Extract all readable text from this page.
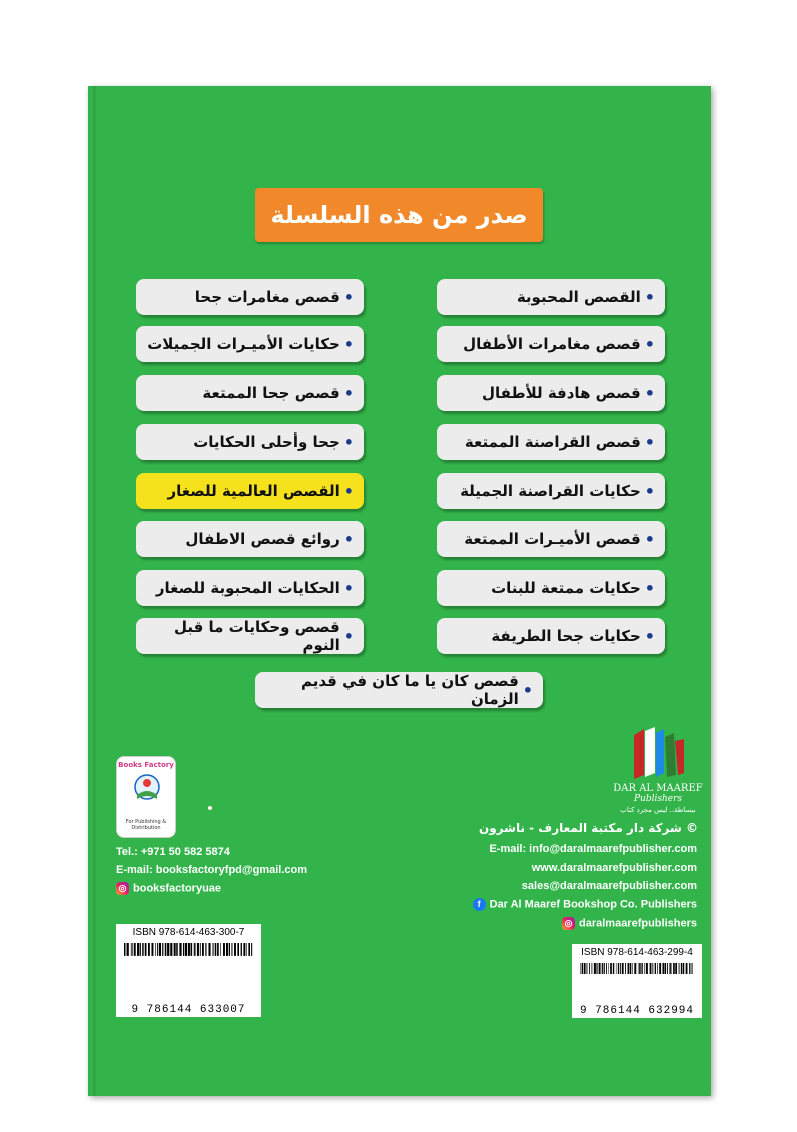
صدر من هذه السلسلة
•
القصص المحبوبة
•
قصص مغامرات الأطفال
•
قصص هادفة للأطفال
•
قصص القراصنة الممتعة
•
حكايات القراصنة الجميلة
•
قصص الأميـرات الممتعة
•
حكايات ممتعة للبنات
•
حكايات جحا الطريفة
•
قصص مغامرات جحا
•
حكايات الأميـرات الجميلات
•
قصص جحا الممتعة
•
جحا وأحلى الحكايات
•
القصص العالمية للصغار
•
روائع قصص الاطفال
•
الحكايات المحبوبة للصغار
•
قصص وحكايات ما قبل النوم
•
قصص كان يا ما كان في قديم الزمان
DAR AL MAAREF
Publishers
ببساطة.. ليس مجرد كتاب
Books Factory
For Publishing & Distribution
Tel.: +971 50 582 5874
E-mail: booksfactoryfpd@gmail.com
◎ booksfactoryuae
© شركة دار مكتبة المعارف - ناشرون
E-mail: info@daralmaarefpublisher.com
www.daralmaarefpublisher.com
sales@daralmaarefpublisher.com
f Dar Al Maaref Bookshop Co. Publishers
◎ daralmaarefpublishers
ISBN 978-614-463-300-7
9 786144 633007
ISBN 978-614-463-299-4
9 786144 632994
